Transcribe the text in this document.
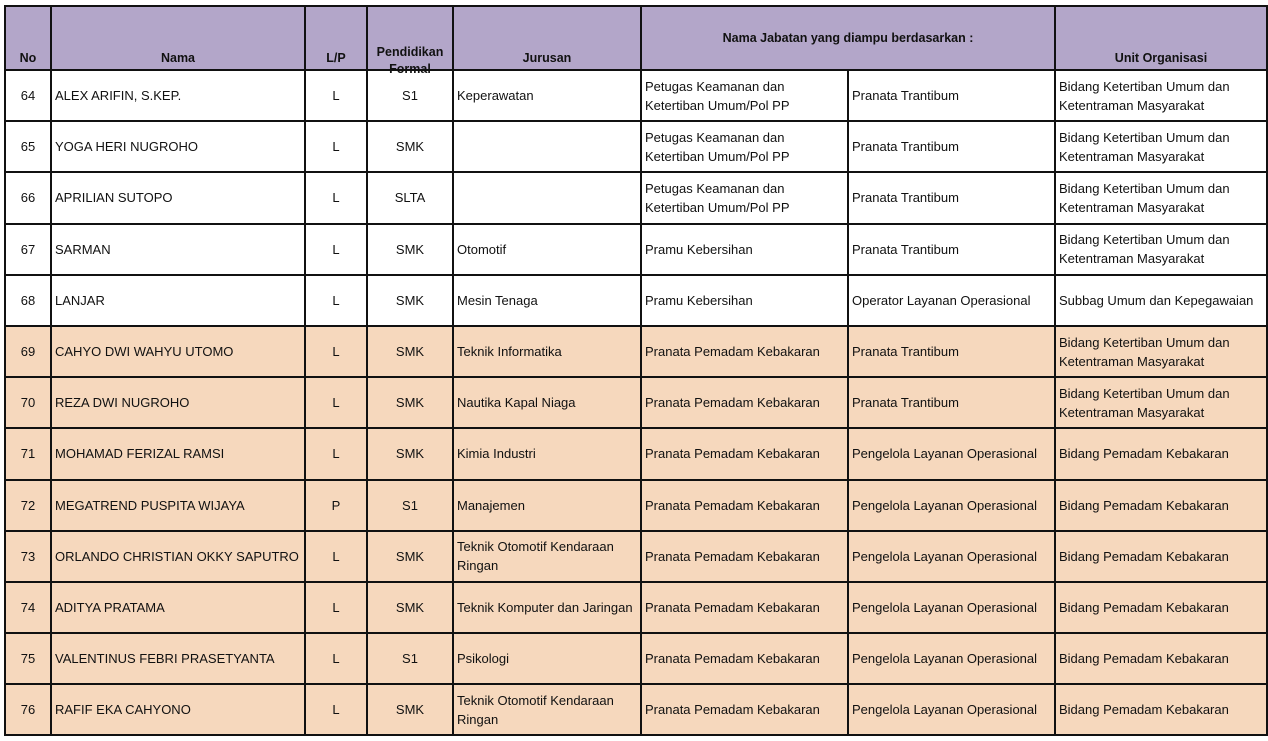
No	Nama	L/P	Pendidikan Formal	Jurusan	Nama Jabatan yang diampu berdasarkan :		Unit Organisasi
64	ALEX ARIFIN, S.KEP.	L	S1	Keperawatan	Petugas Keamanan dan Ketertiban Umum/Pol PP	Pranata Trantibum	Bidang Ketertiban Umum dan Ketentraman Masyarakat
65	YOGA HERI NUGROHO	L	SMK		Petugas Keamanan dan Ketertiban Umum/Pol PP	Pranata Trantibum	Bidang Ketertiban Umum dan Ketentraman Masyarakat
66	APRILIAN SUTOPO	L	SLTA		Petugas Keamanan dan Ketertiban Umum/Pol PP	Pranata Trantibum	Bidang Ketertiban Umum dan Ketentraman Masyarakat
67	SARMAN	L	SMK	Otomotif	Pramu Kebersihan	Pranata Trantibum	Bidang Ketertiban Umum dan Ketentraman Masyarakat
68	LANJAR	L	SMK	Mesin Tenaga	Pramu Kebersihan	Operator Layanan Operasional	Subbag Umum dan Kepegawaian
69	CAHYO DWI WAHYU UTOMO	L	SMK	Teknik Informatika	Pranata Pemadam Kebakaran	Pranata Trantibum	Bidang Ketertiban Umum dan Ketentraman Masyarakat
70	REZA DWI NUGROHO	L	SMK	Nautika Kapal Niaga	Pranata Pemadam Kebakaran	Pranata Trantibum	Bidang Ketertiban Umum dan Ketentraman Masyarakat
71	MOHAMAD FERIZAL RAMSI	L	SMK	Kimia Industri	Pranata Pemadam Kebakaran	Pengelola Layanan Operasional	Bidang Pemadam Kebakaran
72	MEGATREND PUSPITA WIJAYA	P	S1	Manajemen	Pranata Pemadam Kebakaran	Pengelola Layanan Operasional	Bidang Pemadam Kebakaran
73	ORLANDO CHRISTIAN OKKY SAPUTRO	L	SMK	Teknik Otomotif Kendaraan Ringan	Pranata Pemadam Kebakaran	Pengelola Layanan Operasional	Bidang Pemadam Kebakaran
74	ADITYA PRATAMA	L	SMK	Teknik Komputer dan Jaringan	Pranata Pemadam Kebakaran	Pengelola Layanan Operasional	Bidang Pemadam Kebakaran
75	VALENTINUS FEBRI PRASETYANTA	L	S1	Psikologi	Pranata Pemadam Kebakaran	Pengelola Layanan Operasional	Bidang Pemadam Kebakaran
76	RAFIF EKA CAHYONO	L	SMK	Teknik Otomotif Kendaraan Ringan	Pranata Pemadam Kebakaran	Pengelola Layanan Operasional	Bidang Pemadam Kebakaran
